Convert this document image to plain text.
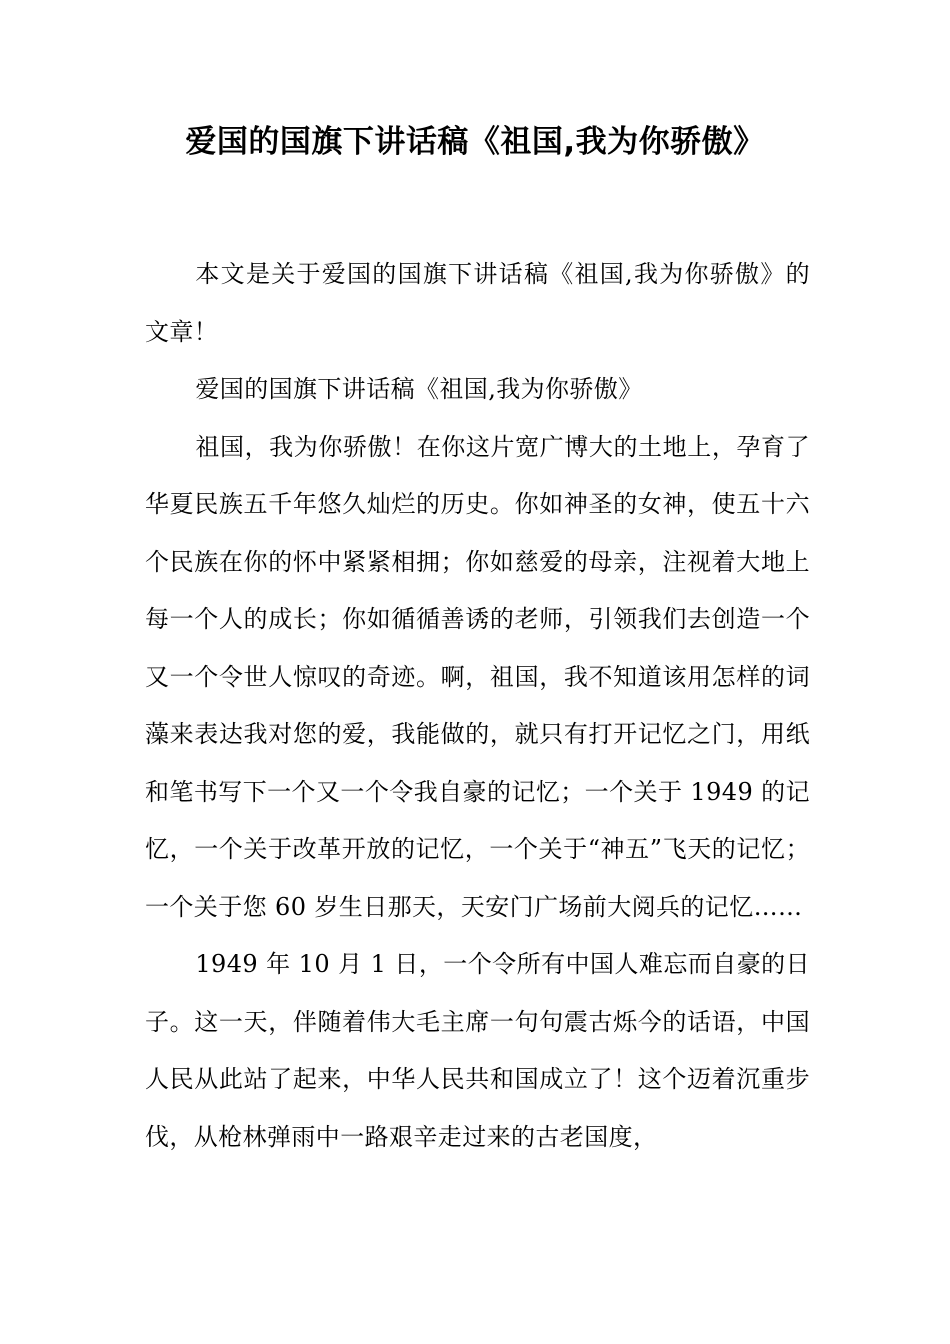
爱国的国旗下讲话稿《祖国,我为你骄傲》

本文是关于爱国的国旗下讲话稿《祖国,我为你骄傲》的文章！

爱国的国旗下讲话稿《祖国,我为你骄傲》

祖国，我为你骄傲！在你这片宽广博大的土地上，孕育了华夏民族五千年悠久灿烂的历史。你如神圣的女神，使五十六个民族在你的怀中紧紧相拥；你如慈爱的母亲，注视着大地上每一个人的成长；你如循循善诱的老师，引领我们去创造一个又一个令世人惊叹的奇迹。啊，祖国，我不知道该用怎样的词藻来表达我对您的爱，我能做的，就只有打开记忆之门，用纸和笔书写下一个又一个令我自豪的记忆；一个关于 1949 的记忆，一个关于改革开放的记忆，一个关于“神五”飞天的记忆；一个关于您 60 岁生日那天，天安门广场前大阅兵的记忆……

1949 年 10 月 1 日，一个令所有中国人难忘而自豪的日子。这一天，伴随着伟大毛主席一句句震古烁今的话语，中国人民从此站了起来，中华人民共和国成立了！这个迈着沉重步伐，从枪林弹雨中一路艰辛走过来的古老国度，
